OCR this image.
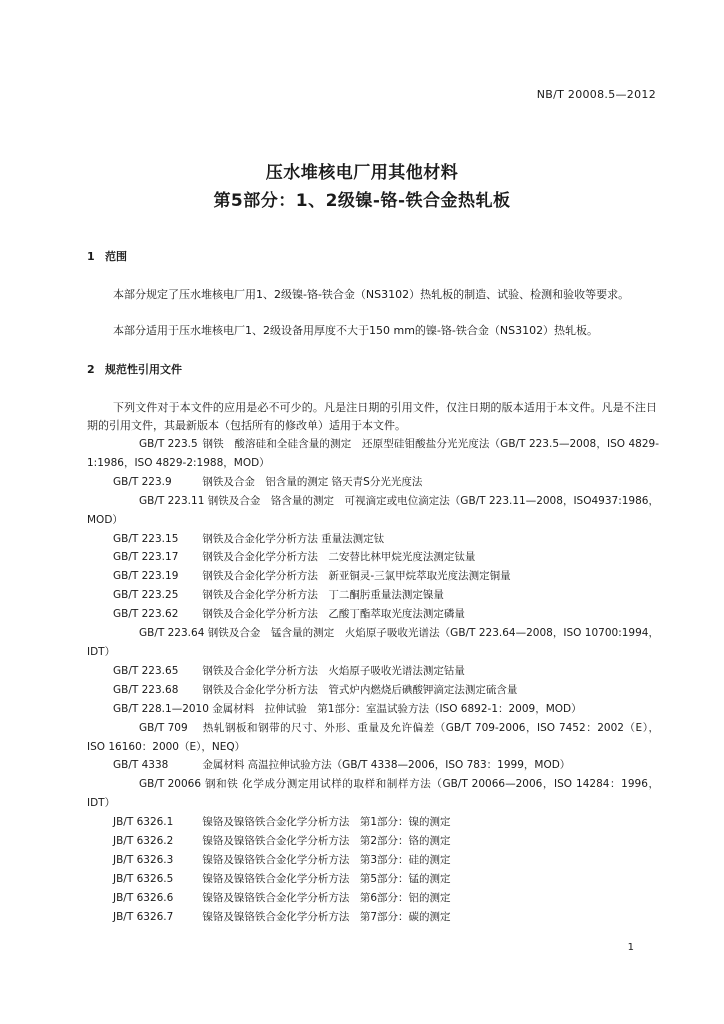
NB/T 20008.5—2012
压水堆核电厂用其他材料
第5部分：1、2级镍-铬-铁合金热轧板
1 范围
本部分规定了压水堆核电厂用1、2级镍-铬-铁合金（NS3102）热轧板的制造、试验、检测和验收等要求。
本部分适用于压水堆核电厂1、2级设备用厚度不大于150 mm的镍-铬-铁合金（NS3102）热轧板。
2 规范性引用文件
下列文件对于本文件的应用是必不可少的。凡是注日期的引用文件，仅注日期的版本适用于本文件。凡是不注日期的引用文件，其最新版本（包括所有的修改单）适用于本文件。
GB/T 223.5 钢铁　酸溶硅和全硅含量的测定　还原型硅钼酸盐分光光度法（GB/T 223.5—2008，ISO 4829-1:1986，ISO 4829-2:1988，MOD）
GB/T 223.9	钢铁及合金　铝含量的测定 铬天青S分光光度法
GB/T 223.11 钢铁及合金　铬含量的测定　可视滴定或电位滴定法（GB/T 223.11—2008，ISO4937:1986，MOD）
GB/T 223.15 钢铁及合金化学分析方法 重量法测定钛
GB/T 223.17 钢铁及合金化学分析方法　二安替比林甲烷光度法测定钛量
GB/T 223.19 钢铁及合金化学分析方法　新亚铜灵-三氯甲烷萃取光度法测定铜量
GB/T 223.25 钢铁及合金化学分析方法　丁二酮肟重量法测定镍量
GB/T 223.62 钢铁及合金化学分析方法　乙酸丁酯萃取光度法测定磷量
GB/T 223.64 钢铁及合金　锰含量的测定　火焰原子吸收光谱法（GB/T 223.64—2008，ISO 10700:1994，IDT）
GB/T 223.65 钢铁及合金化学分析方法　火焰原子吸收光谱法测定钴量
GB/T 223.68 钢铁及合金化学分析方法　管式炉内燃烧后碘酸钾滴定法测定硫含量
GB/T 228.1—2010 金属材料　拉伸试验　第1部分：室温试验方法（ISO 6892-1：2009，MOD）
GB/T 709 热轧钢板和钢带的尺寸、外形、重量及允许偏差（GB/T 709-2006，ISO 7452：2002（E），ISO 16160：2000（E），NEQ）
GB/T 4338	金属材料 高温拉伸试验方法（GB/T 4338—2006，ISO 783：1999，MOD）
GB/T 20066 钢和铁 化学成分测定用试样的取样和制样方法（GB/T 20066—2006，ISO 14284：1996，IDT）
JB/T 6326.1	镍铬及镍铬铁合金化学分析方法　第1部分：镍的测定
JB/T 6326.2	镍铬及镍铬铁合金化学分析方法　第2部分：铬的测定
JB/T 6326.3	镍铬及镍铬铁合金化学分析方法　第3部分：硅的测定
JB/T 6326.5	镍铬及镍铬铁合金化学分析方法　第5部分：锰的测定
JB/T 6326.6	镍铬及镍铬铁合金化学分析方法　第6部分：铝的测定
JB/T 6326.7	镍铬及镍铬铁合金化学分析方法　第7部分：碳的测定
1
